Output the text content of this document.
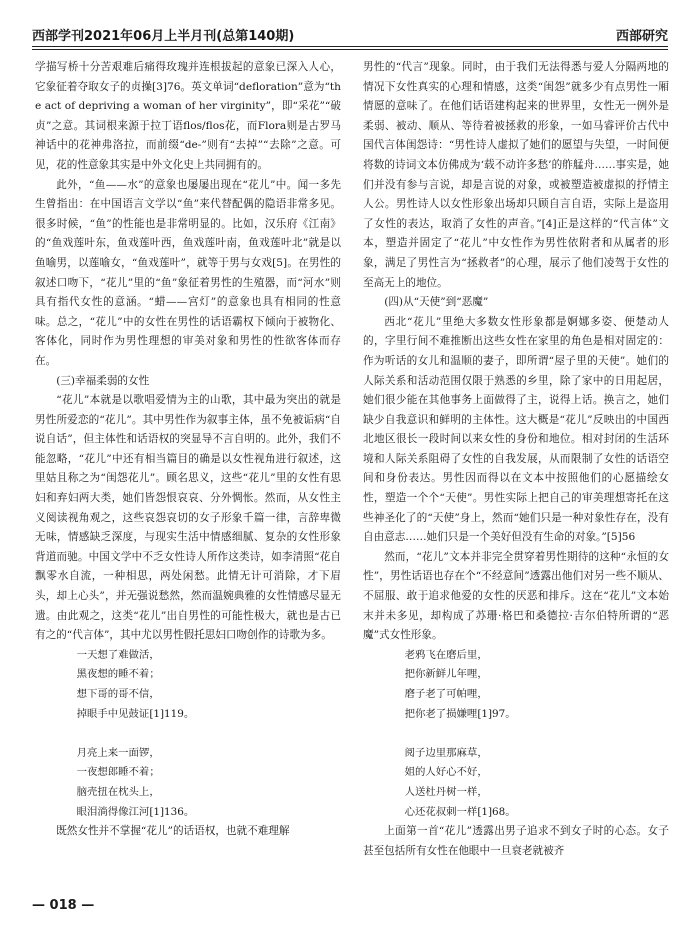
西部学刊2021年06月上半月刊(总第140期)	西部研究

学描写桥十分苦艰难后痛得玫瑰并连根拔起的意象已深入人心，它象征着夺取女子的贞操[3]76。英文单词“defloration”意为“the act of depriving a woman of her virginity”，即“采花”“破贞”之意。其词根来源于拉丁语flos/flos花，而Flora则是古罗马神话中的花神弗洛拉，而前缀“de-”则有“去掉”“去除”之意。可见，花的性意象其实是中外文化史上共同拥有的。

此外，“鱼——水”的意象也屡屡出现在“花儿”中。闻一多先生曾指出：在中国语言文学以“鱼”来代替配偶的隐语非常多见。很多时候，“鱼”的性能也是非常明显的。比如，汉乐府《江南》的“鱼戏莲叶东，鱼戏莲叶西，鱼戏莲叶南，鱼戏莲叶北”就是以鱼喻男，以莲喻女，“鱼戏莲叶”，就等于男与女戏[5]。在男性的叙述口吻下，“花儿”里的“鱼”象征着男性的生殖器，而“河水”则具有指代女性的意涵。“蜡——宫灯”的意象也具有相同的性意味。总之，“花儿”中的女性在男性的话语霸权下倾向于被物化、客体化，同时作为男性理想的审美对象和男性的性欲客体而存在。

(三)幸福柔弱的女性

“花儿”本就是以歌唱爱情为主的山歌，其中最为突出的就是男性所爱恋的“花儿”。其中男性作为叙事主体，虽不免被诟病“自说自话”，但主体性和话语权的突显导不言自明的。此外，我们不能忽略，“花儿”中还有相当篇目的确是以女性视角进行叙述，这里姑且称之为“闺怨花儿”。顾名思义，这些“花儿”里的女性有思妇和弃妇两大类，她们皆怨恨哀哀、分外惆怅。然而，从女性主义阅读视角观之，这些哀怨哀切的女子形象千篇一律，言辞卑微无味，情感缺乏深度，与现实生活中情感细腻、复杂的女性形象背道而驰。中国文学中不乏女性诗人所作这类诗，如李清照“花自飘零水自流，一种相思，两处闲愁。此情无计可消除，才下眉头，却上心头”，并无强说愁然，然而温婉典雅的女性情感尽显无遗。由此观之，这类“花儿”出自男性的可能性极大，就也是古已有之的“代言体”，其中尤以男性假托思妇口吻创作的诗歌为多。

一天想了难做活，

黑夜想的睡不着；

想下哥的哥不信，

掉眼手中见鼓证[1]119。

月亮上来一面锣，

一夜想郎睡不着；

脑壳扭在枕头上，

眼泪淌得像江河[1]136。

既然女性并不掌握“花儿”的话语权，也就不难理解

男性的“代言”现象。同时，由于我们无法得悉与爱人分隔两地的情况下女性真实的心理和情感，这类“闺怨”就多少有点男性一厢情愿的意味了。在他们话语建构起来的世界里，女性无一例外是柔弱、被动、顺从、等待着被拯救的形象，一如马睿评价古代中国代言体闺怨诗：“男性诗人虚拟了她们的愿望与失望，一时间便将数的诗词文本仿佛成为‘载不动许多愁’的舴艋舟……事实是，她们并没有参与言说，却是言说的对象，或被塑造被虚拟的抒情主人公。男性诗人以女性形象出场却只顾自言自语，实际上是盗用了女性的表达，取消了女性的声音。”[4]正是这样的“代言体”文本，塑造并固定了“花儿”中女性作为男性依附者和从属者的形象，满足了男性言为“拯救者”的心理，展示了他们凌驾于女性的至高无上的地位。

(四)从“天使”到“恶魔”

西北“花儿”里绝大多数女性形象都是婀娜多姿、便楚动人的，字里行间不难推断出这些女性在家里的角色是相对固定的：作为听话的女儿和温顺的妻子，即所谓“屋子里的天使”。她们的人际关系和活动范围仅限于熟悉的乡里，除了家中的日用起居，她们很少能在其他事务上面做得了主，说得上话。换言之，她们缺少自我意识和鲜明的主体性。这大概是“花儿”反映出的中国西北地区很长一段时间以来女性的身份和地位。相对封闭的生活环境和人际关系阻碍了女性的自我发展，从而限制了女性的话语空间和身份表达。男性因而得以在文本中按照他们的心愿描绘女性，塑造一个个“天使”。男性实际上把自己的审美理想寄托在这些神圣化了的“天使”身上，然而“她们只是一种对象性存在，没有自由意志……她们只是一个美好但没有生命的对象。”[5]56

然而，“花儿”文本并非完全贯穿着男性期待的这种“永恒的女性”，男性话语也存在个“不经意间”透露出他们对另一些不顺从、不屈服、敢于追求他爱的女性的厌恶和排斥。这在“花儿”文本始末并未多见，却构成了苏珊·格巴和桑德拉·吉尔伯特所谓的“恶魔”式女性形象。

老鸦飞在磨后里，

把你新鲜儿年哩，

磨子老了可帕哩，

把你老了损嫌哩[1]97。

阅子边里那麻草，

姐的人好心不好，

人送杜丹树一样，

心还花叔刺一样[1]68。

上面第一首“花儿”透露出男子追求不到女子时的心态。女子甚至包括所有女性在他眼中一旦衰老就被齐

— 018 —
